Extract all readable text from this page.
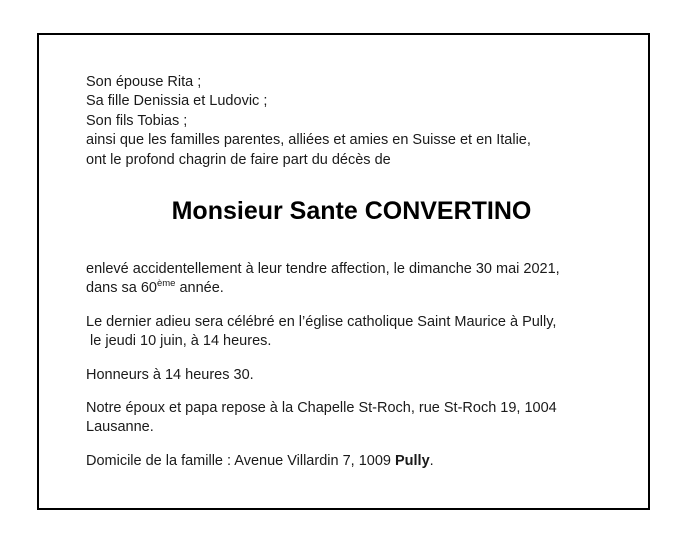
Son épouse Rita ;
Sa fille Denissia et Ludovic ;
Son fils Tobias ;
ainsi que les familles parentes, alliées et amies en Suisse et en Italie,
ont le profond chagrin de faire part du décès de
Monsieur Sante CONVERTINO
enlevé accidentellement à leur tendre affection, le dimanche 30 mai 2021,
dans sa 60ème année.
Le dernier adieu sera célébré en l’église catholique Saint Maurice à Pully,
le jeudi 10 juin, à 14 heures.
Honneurs à 14 heures 30.
Notre époux et papa repose à la Chapelle St-Roch, rue St-Roch 19, 1004
Lausanne.
Domicile de la famille : Avenue Villardin 7, 1009 Pully.
